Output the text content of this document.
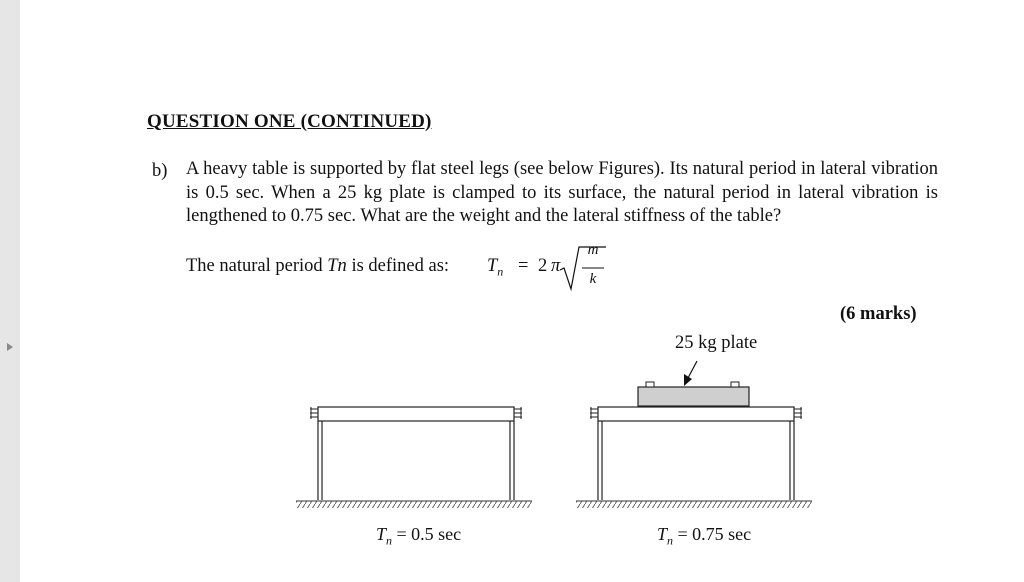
QUESTION ONE (CONTINUED)
b) A heavy table is supported by flat steel legs (see below Figures). Its natural period in lateral vibration is 0.5 sec. When a 25 kg plate is clamped to its surface, the natural period in lateral vibration is lengthened to 0.75 sec. What are the weight and the lateral stiffness of the table?

The natural period Tn is defined as: $T_n = 2$ π
m
k
(6 marks)
25 kg plate
$T_n = 0.5$ sec	$T_n = 0.75$ sec
